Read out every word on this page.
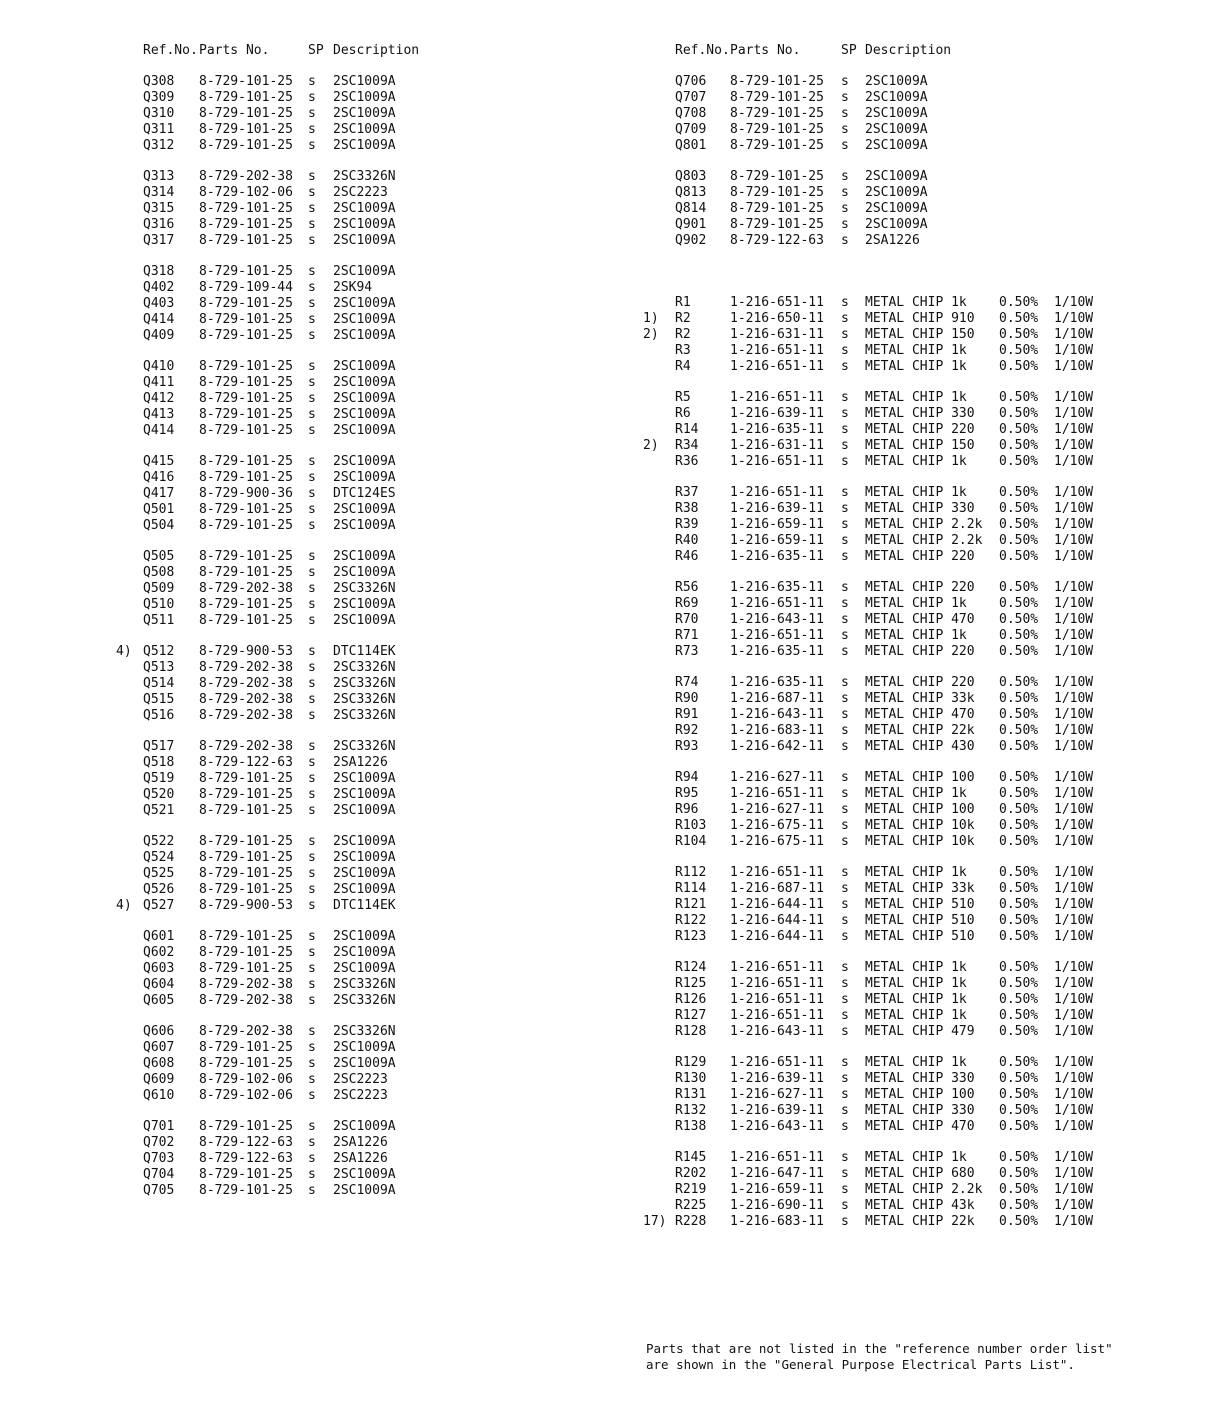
Ref.No. Parts No.	SP Description
Q308 8-729-101-25 s 2SC1009A
Q309 8-729-101-25 s 2SC1009A
Q310 8-729-101-25 s 2SC1009A
Q311 8-729-101-25 s 2SC1009A
Q312 8-729-101-25 s 2SC1009A
Q313 8-729-202-38 s 2SC3326N
Q314 8-729-102-06 s 2SC2223
Q315 8-729-101-25 s 2SC1009A
Q316 8-729-101-25 s 2SC1009A
Q317 8-729-101-25 s 2SC1009A
Q318 8-729-101-25 s 2SC1009A
Q402 8-729-109-44 s 2SK94
Q403 8-729-101-25 s 2SC1009A
Q414 8-729-101-25 s 2SC1009A
Q409 8-729-101-25 s 2SC1009A
Q410 8-729-101-25 s 2SC1009A
Q411 8-729-101-25 s 2SC1009A
Q412 8-729-101-25 s 2SC1009A
Q413 8-729-101-25 s 2SC1009A
Q414 8-729-101-25 s 2SC1009A
Q415 8-729-101-25 s 2SC1009A
Q416 8-729-101-25 s 2SC1009A
Q417 8-729-900-36 s DTC124ES
Q501 8-729-101-25 s 2SC1009A
Q504 8-729-101-25 s 2SC1009A
Q505 8-729-101-25 s 2SC1009A
Q508 8-729-101-25 s 2SC1009A
Q509 8-729-202-38 s 2SC3326N
Q510 8-729-101-25 s 2SC1009A
Q511 8-729-101-25 s 2SC1009A
4) Q512 8-729-900-53 s DTC114EK
Q513 8-729-202-38 s 2SC3326N
Q514 8-729-202-38 s 2SC3326N
Q515 8-729-202-38 s 2SC3326N
Q516 8-729-202-38 s 2SC3326N
Q517 8-729-202-38 s 2SC3326N
Q518 8-729-122-63 s 2SA1226
Q519 8-729-101-25 s 2SC1009A
Q520 8-729-101-25 s 2SC1009A
Q521 8-729-101-25 s 2SC1009A
Q522 8-729-101-25 s 2SC1009A
Q524 8-729-101-25 s 2SC1009A
Q525 8-729-101-25 s 2SC1009A
Q526 8-729-101-25 s 2SC1009A
4) Q527 8-729-900-53 s DTC114EK
Q601 8-729-101-25 s 2SC1009A
Q602 8-729-101-25 s 2SC1009A
Q603 8-729-101-25 s 2SC1009A
Q604 8-729-202-38 s 2SC3326N
Q605 8-729-202-38 s 2SC3326N
Q606 8-729-202-38 s 2SC3326N
Q607 8-729-101-25 s 2SC1009A
Q608 8-729-101-25 s 2SC1009A
Q609 8-729-102-06 s 2SC2223
Q610 8-729-102-06 s 2SC2223
Q701 8-729-101-25 s 2SC1009A
Q702 8-729-122-63 s 2SA1226
Q703 8-729-122-63 s 2SA1226
Q704 8-729-101-25 s 2SC1009A
Q705 8-729-101-25 s 2SC1009A
Ref.No. Parts No.	SP Description
Q706 8-729-101-25 s 2SC1009A
Q707 8-729-101-25 s 2SC1009A
Q708 8-729-101-25 s 2SC1009A
Q709 8-729-101-25 s 2SC1009A
Q801 8-729-101-25 s 2SC1009A
Q803 8-729-101-25 s 2SC1009A
Q813 8-729-101-25 s 2SC1009A
Q814 8-729-101-25 s 2SC1009A
Q901 8-729-101-25 s 2SC1009A
Q902 8-729-122-63 s 2SA1226
R1	1-216-651-11 s METAL CHIP 1k 0.50% 1/10W
1) R2	1-216-650-11 s METAL CHIP 910 0.50% 1/10W
2) R2	1-216-631-11 s METAL CHIP 150 0.50% 1/10W
R3	1-216-651-11 s METAL CHIP 1k 0.50% 1/10W
R4	1-216-651-11 s METAL CHIP 1k 0.50% 1/10W
R5	1-216-651-11 s METAL CHIP 1k 0.50% 1/10W
R6	1-216-639-11 s METAL CHIP 330 0.50% 1/10W
R14 1-216-635-11 s METAL CHIP 220 0.50% 1/10W
2) R34 1-216-631-11 s METAL CHIP 150 0.50% 1/10W
R36 1-216-651-11 s METAL CHIP 1k 0.50% 1/10W
R37 1-216-651-11 s METAL CHIP 1k 0.50% 1/10W
R38 1-216-639-11 s METAL CHIP 330 0.50% 1/10W
R39 1-216-659-11 s METAL CHIP 2.2k 0.50% 1/10W
R40 1-216-659-11 s METAL CHIP 2.2k 0.50% 1/10W
R46 1-216-635-11 s METAL CHIP 220 0.50% 1/10W
R56 1-216-635-11 s METAL CHIP 220 0.50% 1/10W
R69 1-216-651-11 s METAL CHIP 1k 0.50% 1/10W
R70 1-216-643-11 s METAL CHIP 470 0.50% 1/10W
R71 1-216-651-11 s METAL CHIP 1k 0.50% 1/10W
R73 1-216-635-11 s METAL CHIP 220 0.50% 1/10W
R74 1-216-635-11 s METAL CHIP 220 0.50% 1/10W
R90 1-216-687-11 s METAL CHIP 33k 0.50% 1/10W
R91 1-216-643-11 s METAL CHIP 470 0.50% 1/10W
R92 1-216-683-11 s METAL CHIP 22k 0.50% 1/10W
R93 1-216-642-11 s METAL CHIP 430 0.50% 1/10W
R94 1-216-627-11 s METAL CHIP 100 0.50% 1/10W
R95 1-216-651-11 s METAL CHIP 1k 0.50% 1/10W
R96 1-216-627-11 s METAL CHIP 100 0.50% 1/10W
R103 1-216-675-11 s METAL CHIP 10k 0.50% 1/10W
R104 1-216-675-11 s METAL CHIP 10k 0.50% 1/10W
R112 1-216-651-11 s METAL CHIP 1k 0.50% 1/10W
R114 1-216-687-11 s METAL CHIP 33k 0.50% 1/10W
R121 1-216-644-11 s METAL CHIP 510 0.50% 1/10W
R122 1-216-644-11 s METAL CHIP 510 0.50% 1/10W
R123 1-216-644-11 s METAL CHIP 510 0.50% 1/10W
R124 1-216-651-11 s METAL CHIP 1k 0.50% 1/10W
R125 1-216-651-11 s METAL CHIP 1k 0.50% 1/10W
R126 1-216-651-11 s METAL CHIP 1k 0.50% 1/10W
R127 1-216-651-11 s METAL CHIP 1k 0.50% 1/10W
R128 1-216-643-11 s METAL CHIP 479 0.50% 1/10W
R129 1-216-651-11 s METAL CHIP 1k 0.50% 1/10W
R130 1-216-639-11 s METAL CHIP 330 0.50% 1/10W
R131 1-216-627-11 s METAL CHIP 100 0.50% 1/10W
R132 1-216-639-11 s METAL CHIP 330 0.50% 1/10W
R138 1-216-643-11 s METAL CHIP 470 0.50% 1/10W
R145 1-216-651-11 s METAL CHIP 1k 0.50% 1/10W
R202 1-216-647-11 s METAL CHIP 680 0.50% 1/10W
R219 1-216-659-11 s METAL CHIP 2.2k 0.50% 1/10W
R225 1-216-690-11 s METAL CHIP 43k 0.50% 1/10W
17) R228 1-216-683-11 s METAL CHIP 22k 0.50% 1/10W
Parts that are not listed in the "reference number order list"
are shown in the "General Purpose Electrical Parts List".
